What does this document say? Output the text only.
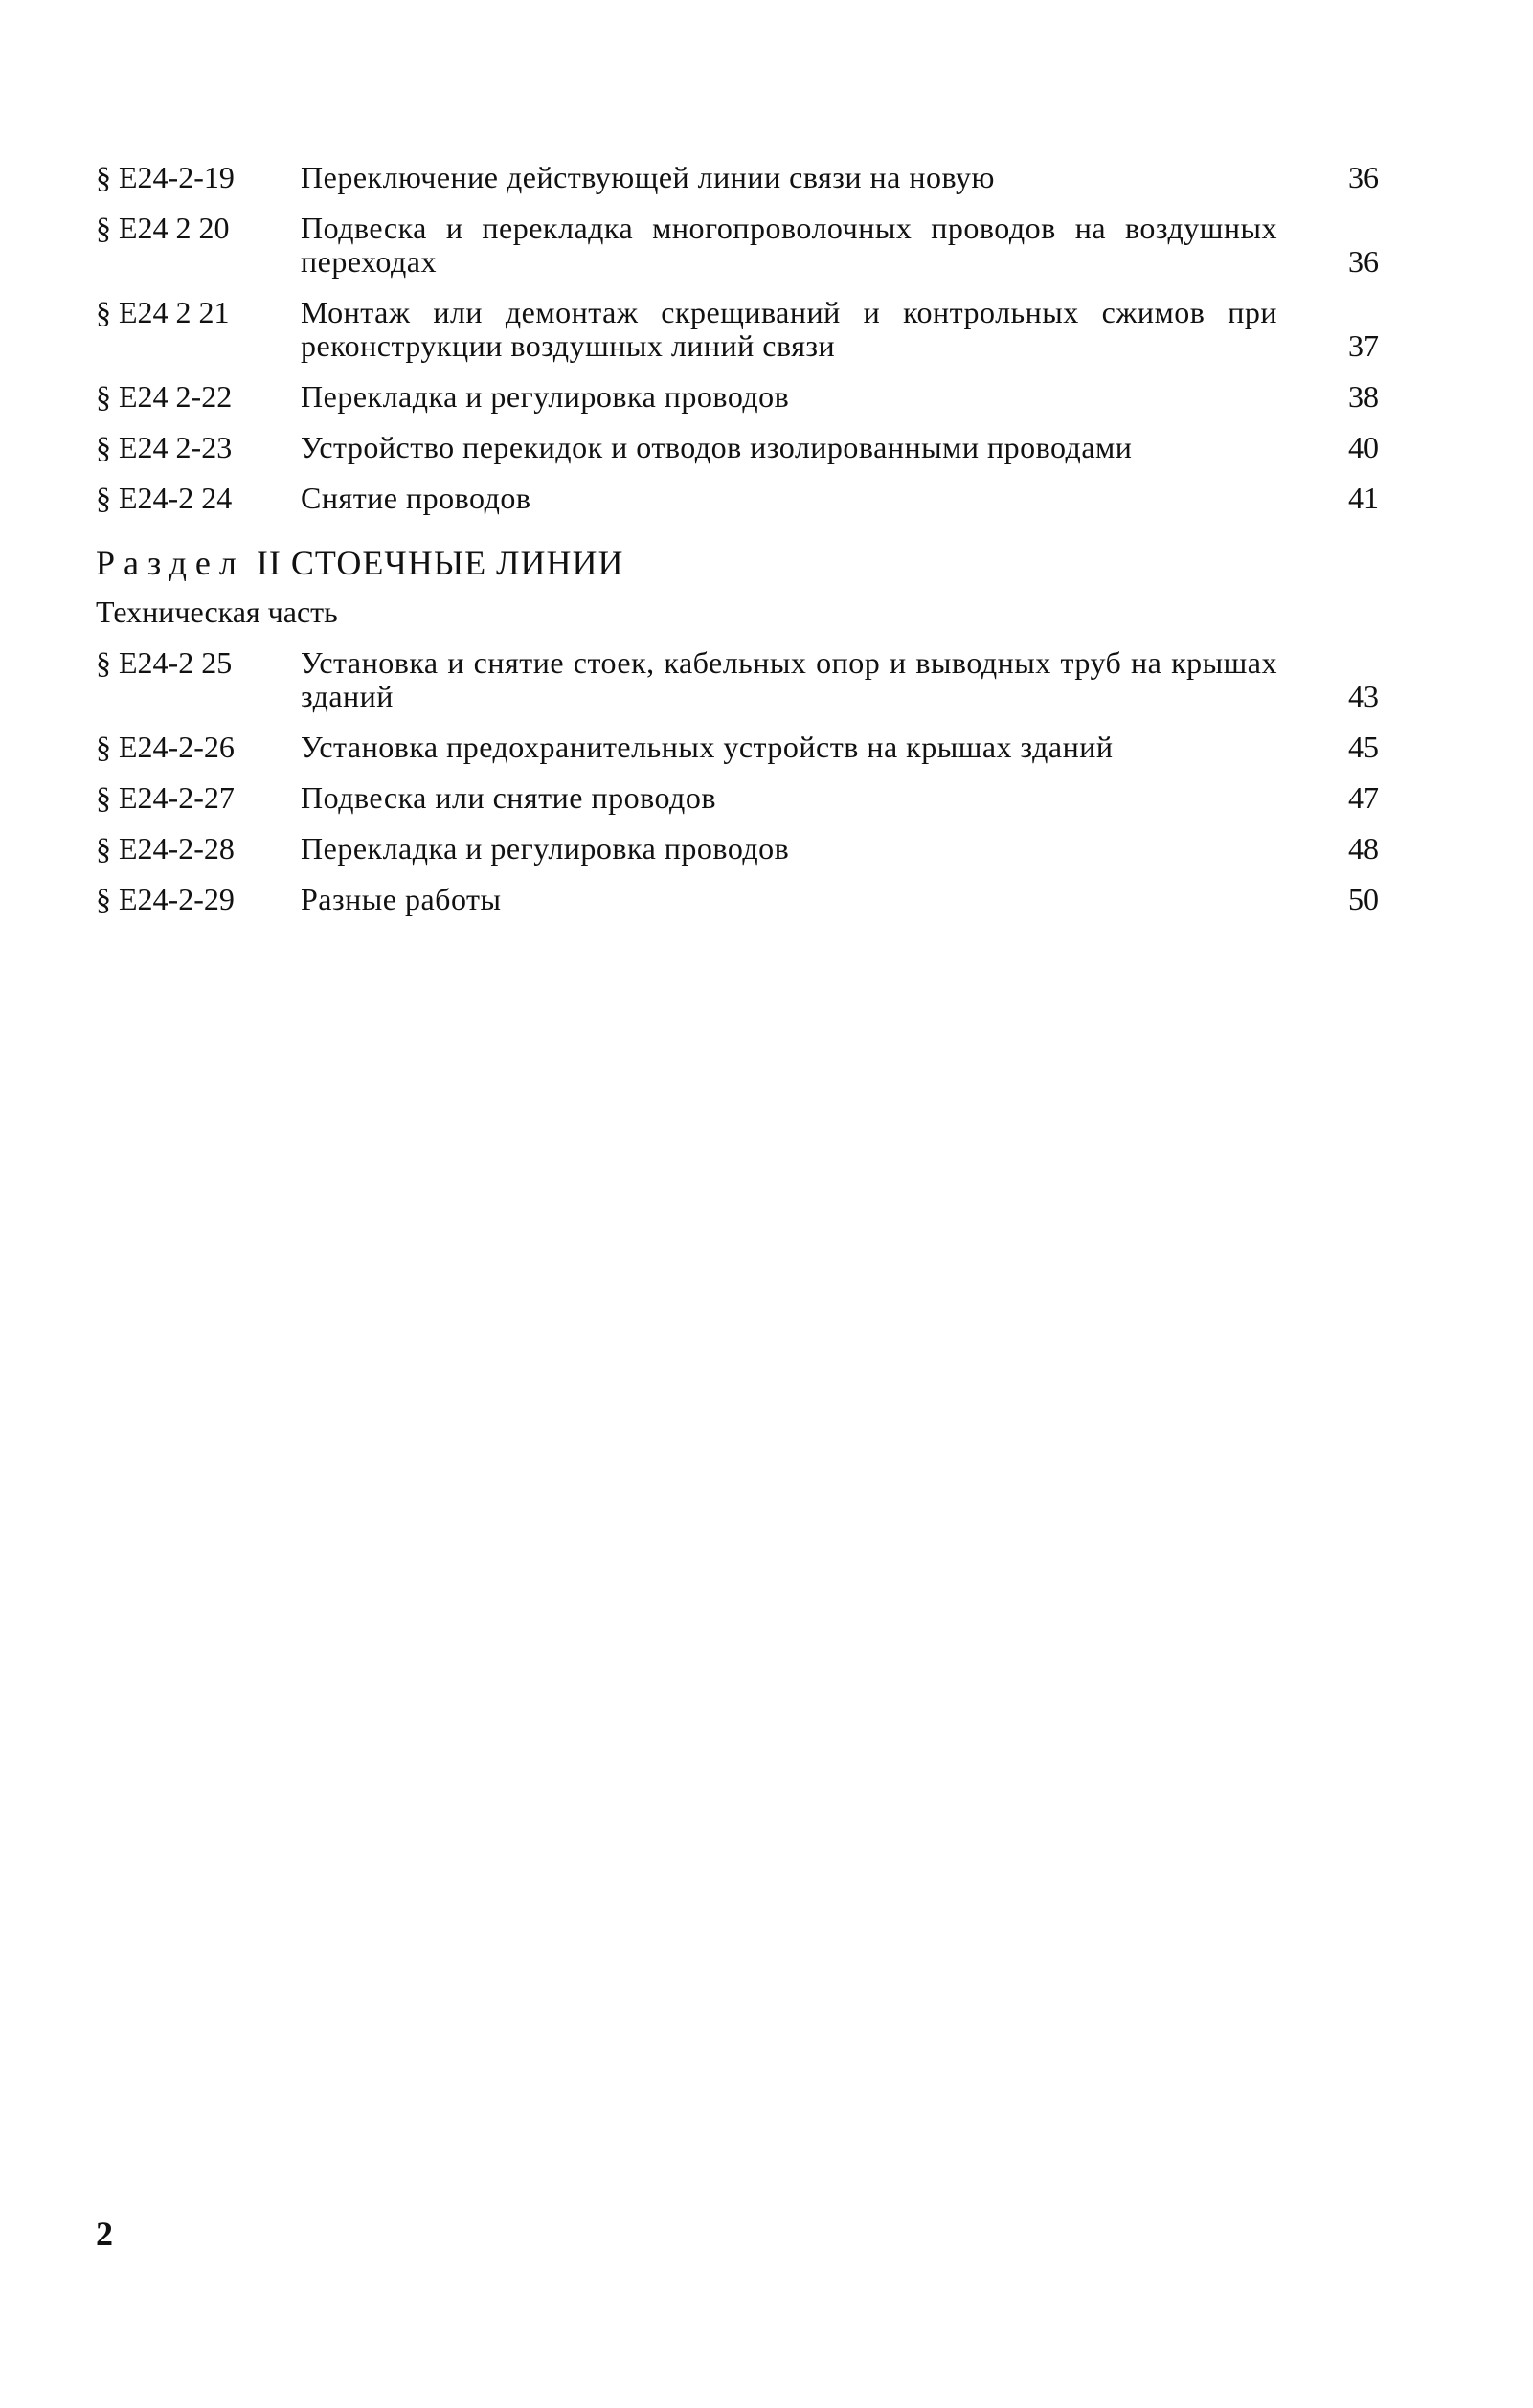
§ Е24-2-19	Переключение действующей линии связи на новую	36
§ Е24 2 20	Подвеска и перекладка многопроволочных проводов на воздушных переходах	36
§ Е24 2 21	Монтаж или демонтаж скрещиваний и контрольных сжимов при реконструкции воздушных линий связи	37
§ Е24 2-22	Перекладка и регулировка проводов	38
§ Е24 2-23	Устройство перекидок и отводов изолированными проводами	40
§ Е24-2 24	Снятие проводов	41
Раздел II СТОЕЧНЫЕ ЛИНИИ
Техническая часть
§ Е24-2 25	Установка и снятие стоек, кабельных опор и выводных труб на крышах зданий	43
§ Е24-2-26	Установка предохранительных устройств на крышах зданий	45
§ Е24-2-27	Подвеска или снятие проводов	47
§ Е24-2-28	Перекладка и регулировка проводов	48
§ Е24-2-29	Разные работы	50
2
